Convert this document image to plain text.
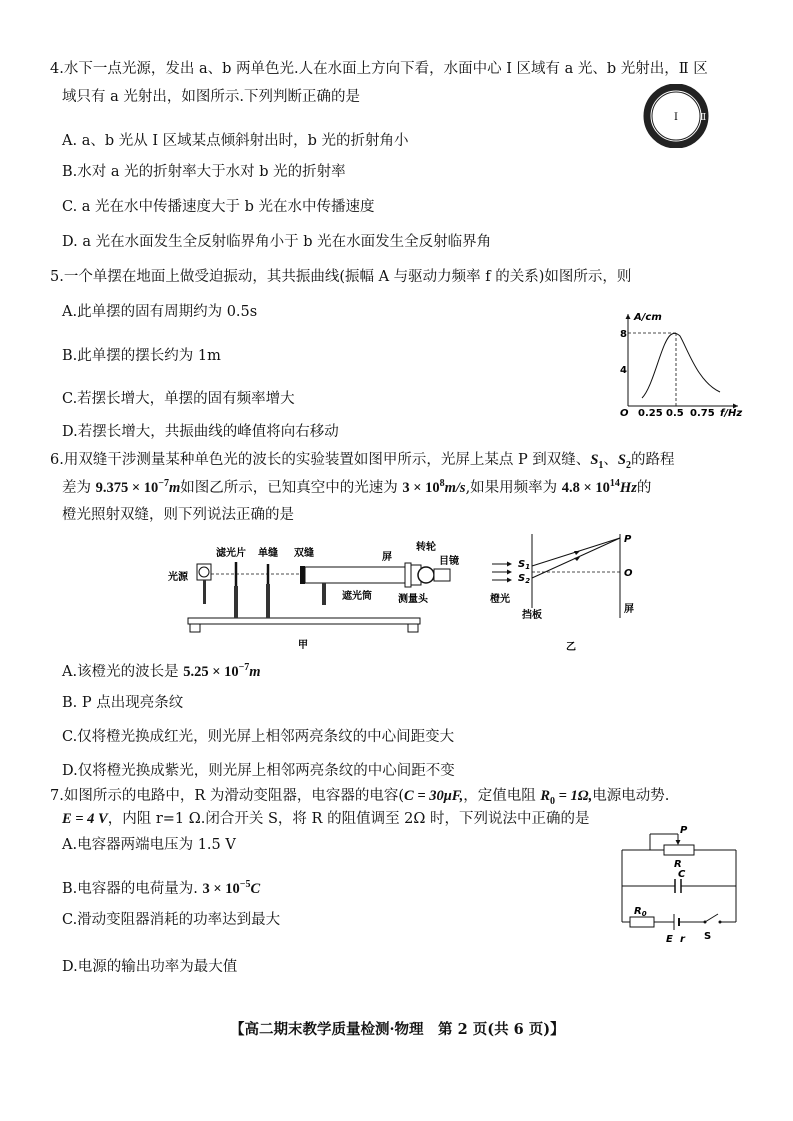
4.水下一点光源，发出 a、b 两单色光.人在水面上方向下看，水面中心 Ⅰ 区域有 a 光、b 光射出，Ⅱ 区
域只有 a 光射出，如图所示.下列判断正确的是
A. a、b 光从 Ⅰ 区域某点倾斜射出时，b 光的折射角小
B.水对 a 光的折射率大于水对 b 光的折射率
C. a 光在水中传播速度大于 b 光在水中传播速度
D. a 光在水面发生全反射临界角小于 b 光在水面发生全反射临界角
Ⅰ Ⅱ
5.一个单摆在地面上做受迫振动，其共振曲线(振幅 A 与驱动力频率 f 的关系)如图所示，则
A.此单摆的固有周期约为 0.5s
B.此单摆的摆长约为 1m
C.若摆长增大，单摆的固有频率增大
D.若摆长增大，共振曲线的峰值将向右移动
A/cm
f/Hz
8
4
O 0.25 0.5 0.75
6.用双缝干涉测量某种单色光的波长的实验装置如图甲所示，光屏上某点 P 到双缝、$S_1$、$S_2$的路程
差为 $9.375 \times 10^{-7}m$如图乙所示，已知真空中的光速为 $3 \times 10^8m/s$,如果用频率为 $4.8 \times 10^{14}Hz$的
橙光照射双缝，则下列说法正确的是
光源
滤光片 单缝 双缝	屏
转轮
目镜
遮光筒	测量头
甲
P
O
$S_1$
$S_2$
橙光
挡板
屏
乙
A.该橙光的波长是 $5.25 \times 10^{-7}m$
B. P 点出现亮条纹
C.仅将橙光换成红光，则光屏上相邻两亮条纹的中心间距变大
D.仅将橙光换成紫光，则光屏上相邻两亮条纹的中心间距不变
7.如图所示的电路中，R 为滑动变阻器，电容器的电容(C = 30μF,，定值电阻 $R_0 = 1\Omega$,电源电动势.
E = 4 V，内阻 r=1 Ω.闭合开关 S，将 R 的阻值调至 2Ω 时，下列说法中正确的是
A.电容器两端电压为 1.5 V
B.电容器的电荷量为. $3 \times 10^{-5}C$
C.滑动变阻器消耗的功率达到最大
D.电源的输出功率为最大值
P
R
C
$R_0$
E r S
【高二期末教学质量检测·物理　第 2 页(共 6 页)】
